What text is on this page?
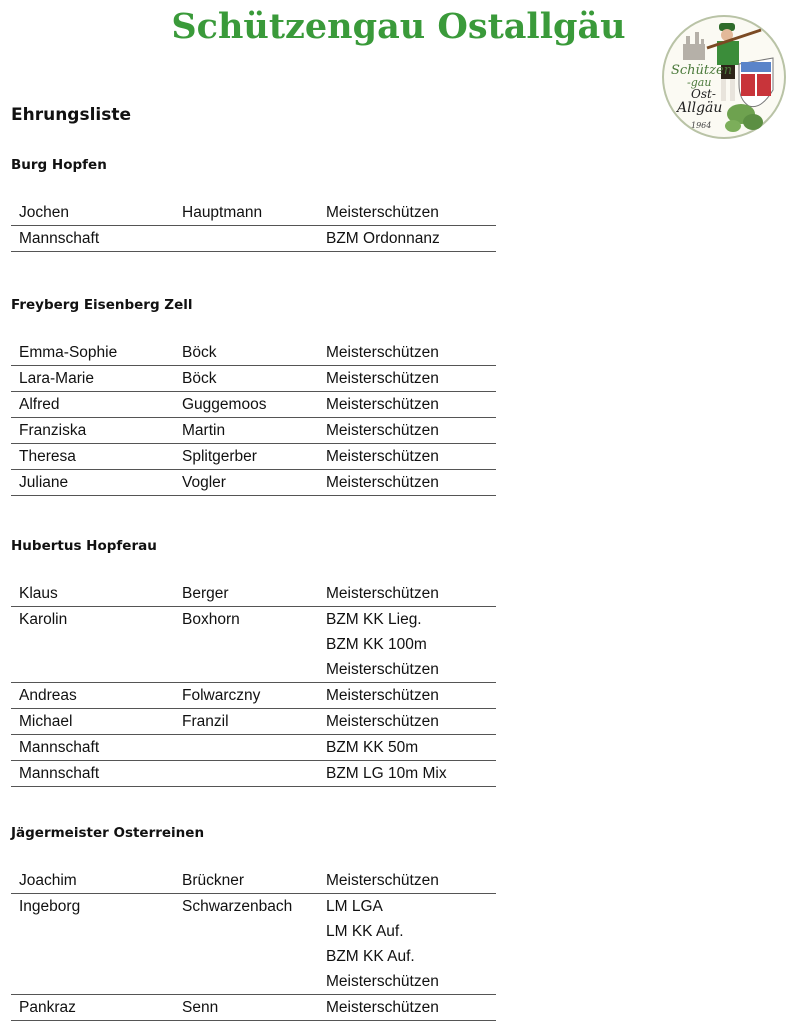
Schützengau Ostallgäu
Schützen
-gau
Ost-
Allgäu
1964
Ehrungsliste
Burg Hopfen
Jochen	Hauptmann	Meisterschützen

Mannschaft		BZM Ordonnanz
Freyberg Eisenberg Zell
Emma-Sophie	Böck	Meisterschützen

Lara-Marie	Böck	Meisterschützen

Alfred	Guggemoos	Meisterschützen

Franziska	Martin	Meisterschützen

Theresa	Splitgerber	Meisterschützen

Juliane	Vogler	Meisterschützen
Hubertus Hopferau
Klaus	Berger	Meisterschützen

Karolin	Boxhorn	BZM KK Lieg.
BZM KK 100m
Meisterschützen

Andreas	Folwarczny	Meisterschützen

Michael	Franzil	Meisterschützen

Mannschaft		BZM KK 50m

Mannschaft		BZM LG 10m Mix
Jägermeister Osterreinen
Joachim	Brückner	Meisterschützen

Ingeborg	Schwarzenbach	LM LGA
LM KK Auf.
BZM KK Auf.
Meisterschützen

Pankraz	Senn	Meisterschützen
